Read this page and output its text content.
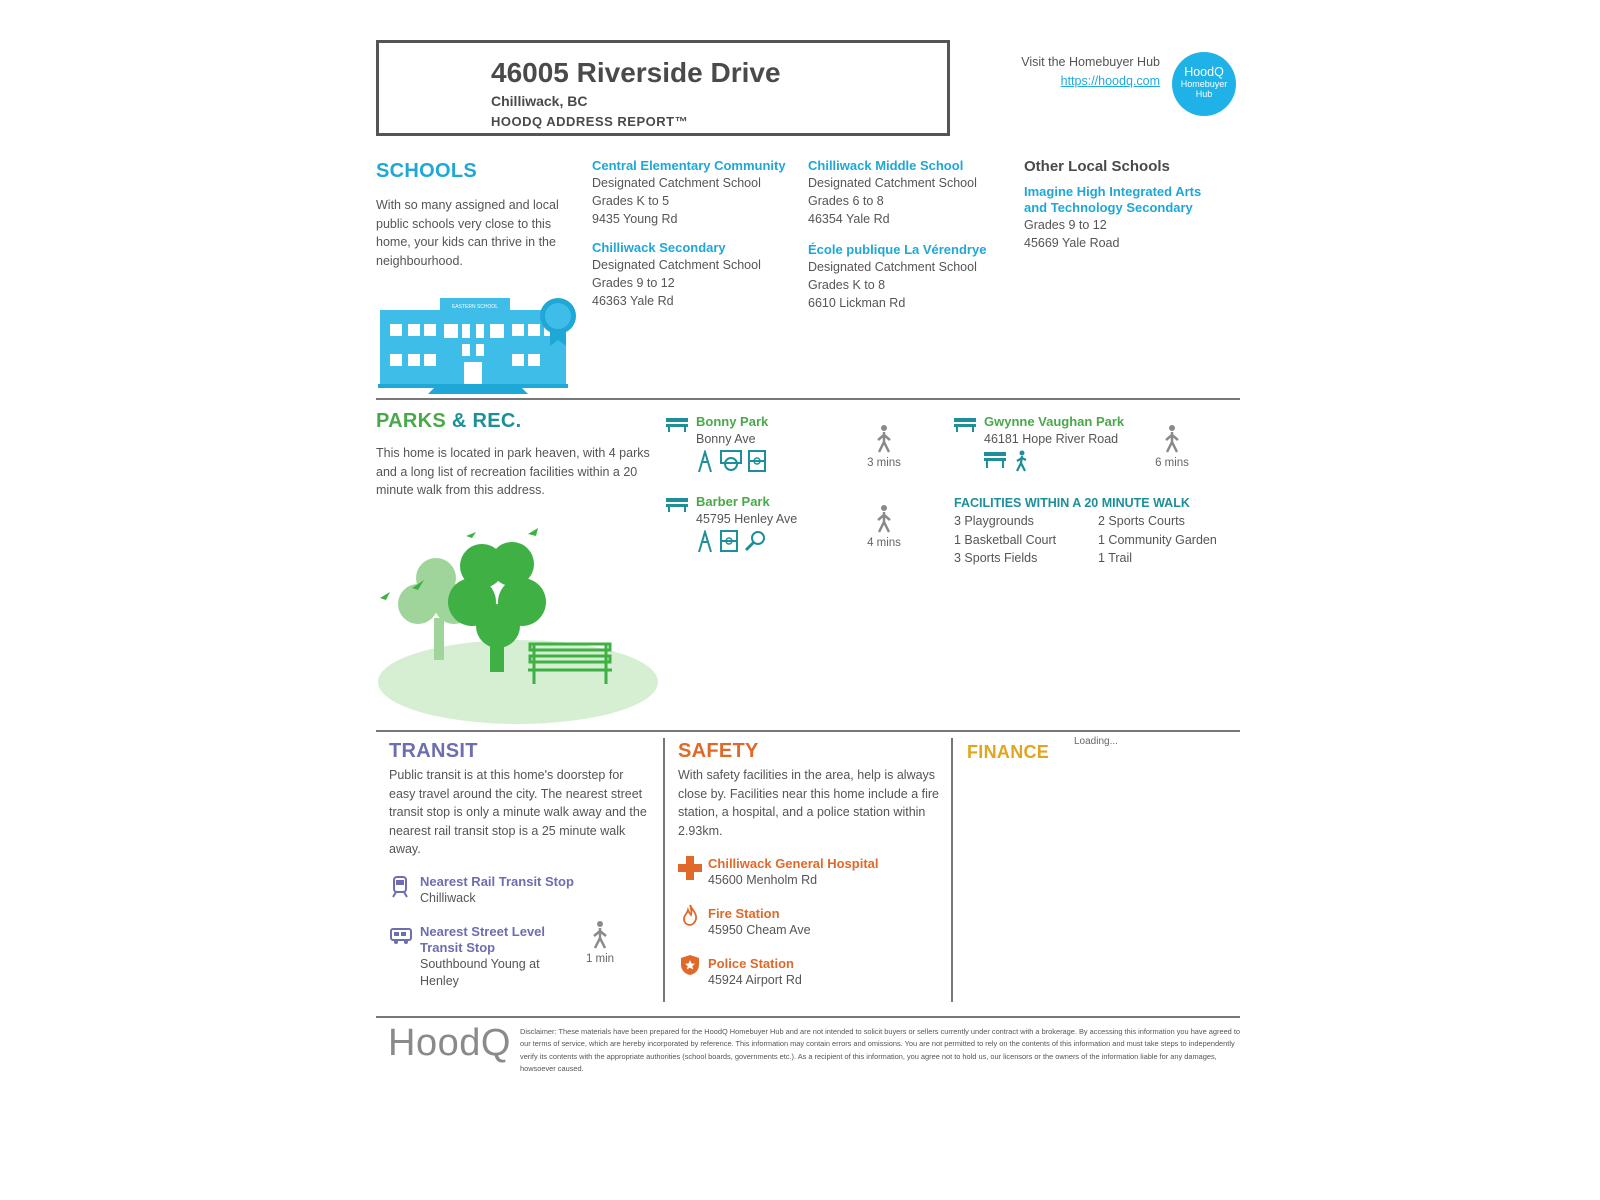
46005 Riverside Drive
Chilliwack, BC
HOODQ ADDRESS REPORT™
Visit the Homebuyer Hub
https://hoodq.com
HoodQ
Homebuyer
Hub
SCHOOLS
With so many assigned and local public schools very close to this home, your kids can thrive in the neighbourhood.
EASTERN SCHOOL
Central Elementary Community
Designated Catchment School
Grades K to 5
9435 Young Rd
Chilliwack Secondary
Designated Catchment School
Grades 9 to 12
46363 Yale Rd
Chilliwack Middle School
Designated Catchment School
Grades 6 to 8
46354 Yale Rd
École publique La Vérendrye
Designated Catchment School
Grades K to 8
6610 Lickman Rd
Other Local Schools
Imagine High Integrated Arts and Technology Secondary
Grades 9 to 12
45669 Yale Road
PARKS & REC.
This home is located in park heaven, with 4 parks and a long list of recreation facilities within a 20 minute walk from this address.
Bonny Park
Bonny Ave
3 mins
Barber Park
45795 Henley Ave
4 mins
Gwynne Vaughan Park
46181 Hope River Road
6 mins
FACILITIES WITHIN A 20 MINUTE WALK
3 Playgrounds
1 Basketball Court
3 Sports Fields
2 Sports Courts
1 Community Garden
1 Trail
TRANSIT
Public transit is at this home's doorstep for easy travel around the city. The nearest street transit stop is only a minute walk away and the nearest rail transit stop is a 25 minute walk away.
Nearest Rail Transit Stop
Chilliwack
Nearest Street Level Transit Stop
Southbound Young at Henley
1 min
SAFETY
With safety facilities in the area, help is always close by. Facilities near this home include a fire station, a hospital, and a police station within 2.93km.
Chilliwack General Hospital
45600 Menholm Rd
Fire Station
45950 Cheam Ave
Police Station
45924 Airport Rd
FINANCE
Loading...
HoodQ Disclaimer: These materials have been prepared for the HoodQ Homebuyer Hub and are not intended to solicit buyers or sellers currently under contract with a brokerage. By accessing this information you have agreed to our terms of service, which are hereby incorporated by reference. This information may contain errors and omissions. You are not permitted to rely on the contents of this information and must take steps to independently verify its contents with the appropriate authorities (school boards, governments etc.). As a recipient of this information, you agree not to hold us, our licensors or the owners of the information liable for any damages, howsoever caused.
